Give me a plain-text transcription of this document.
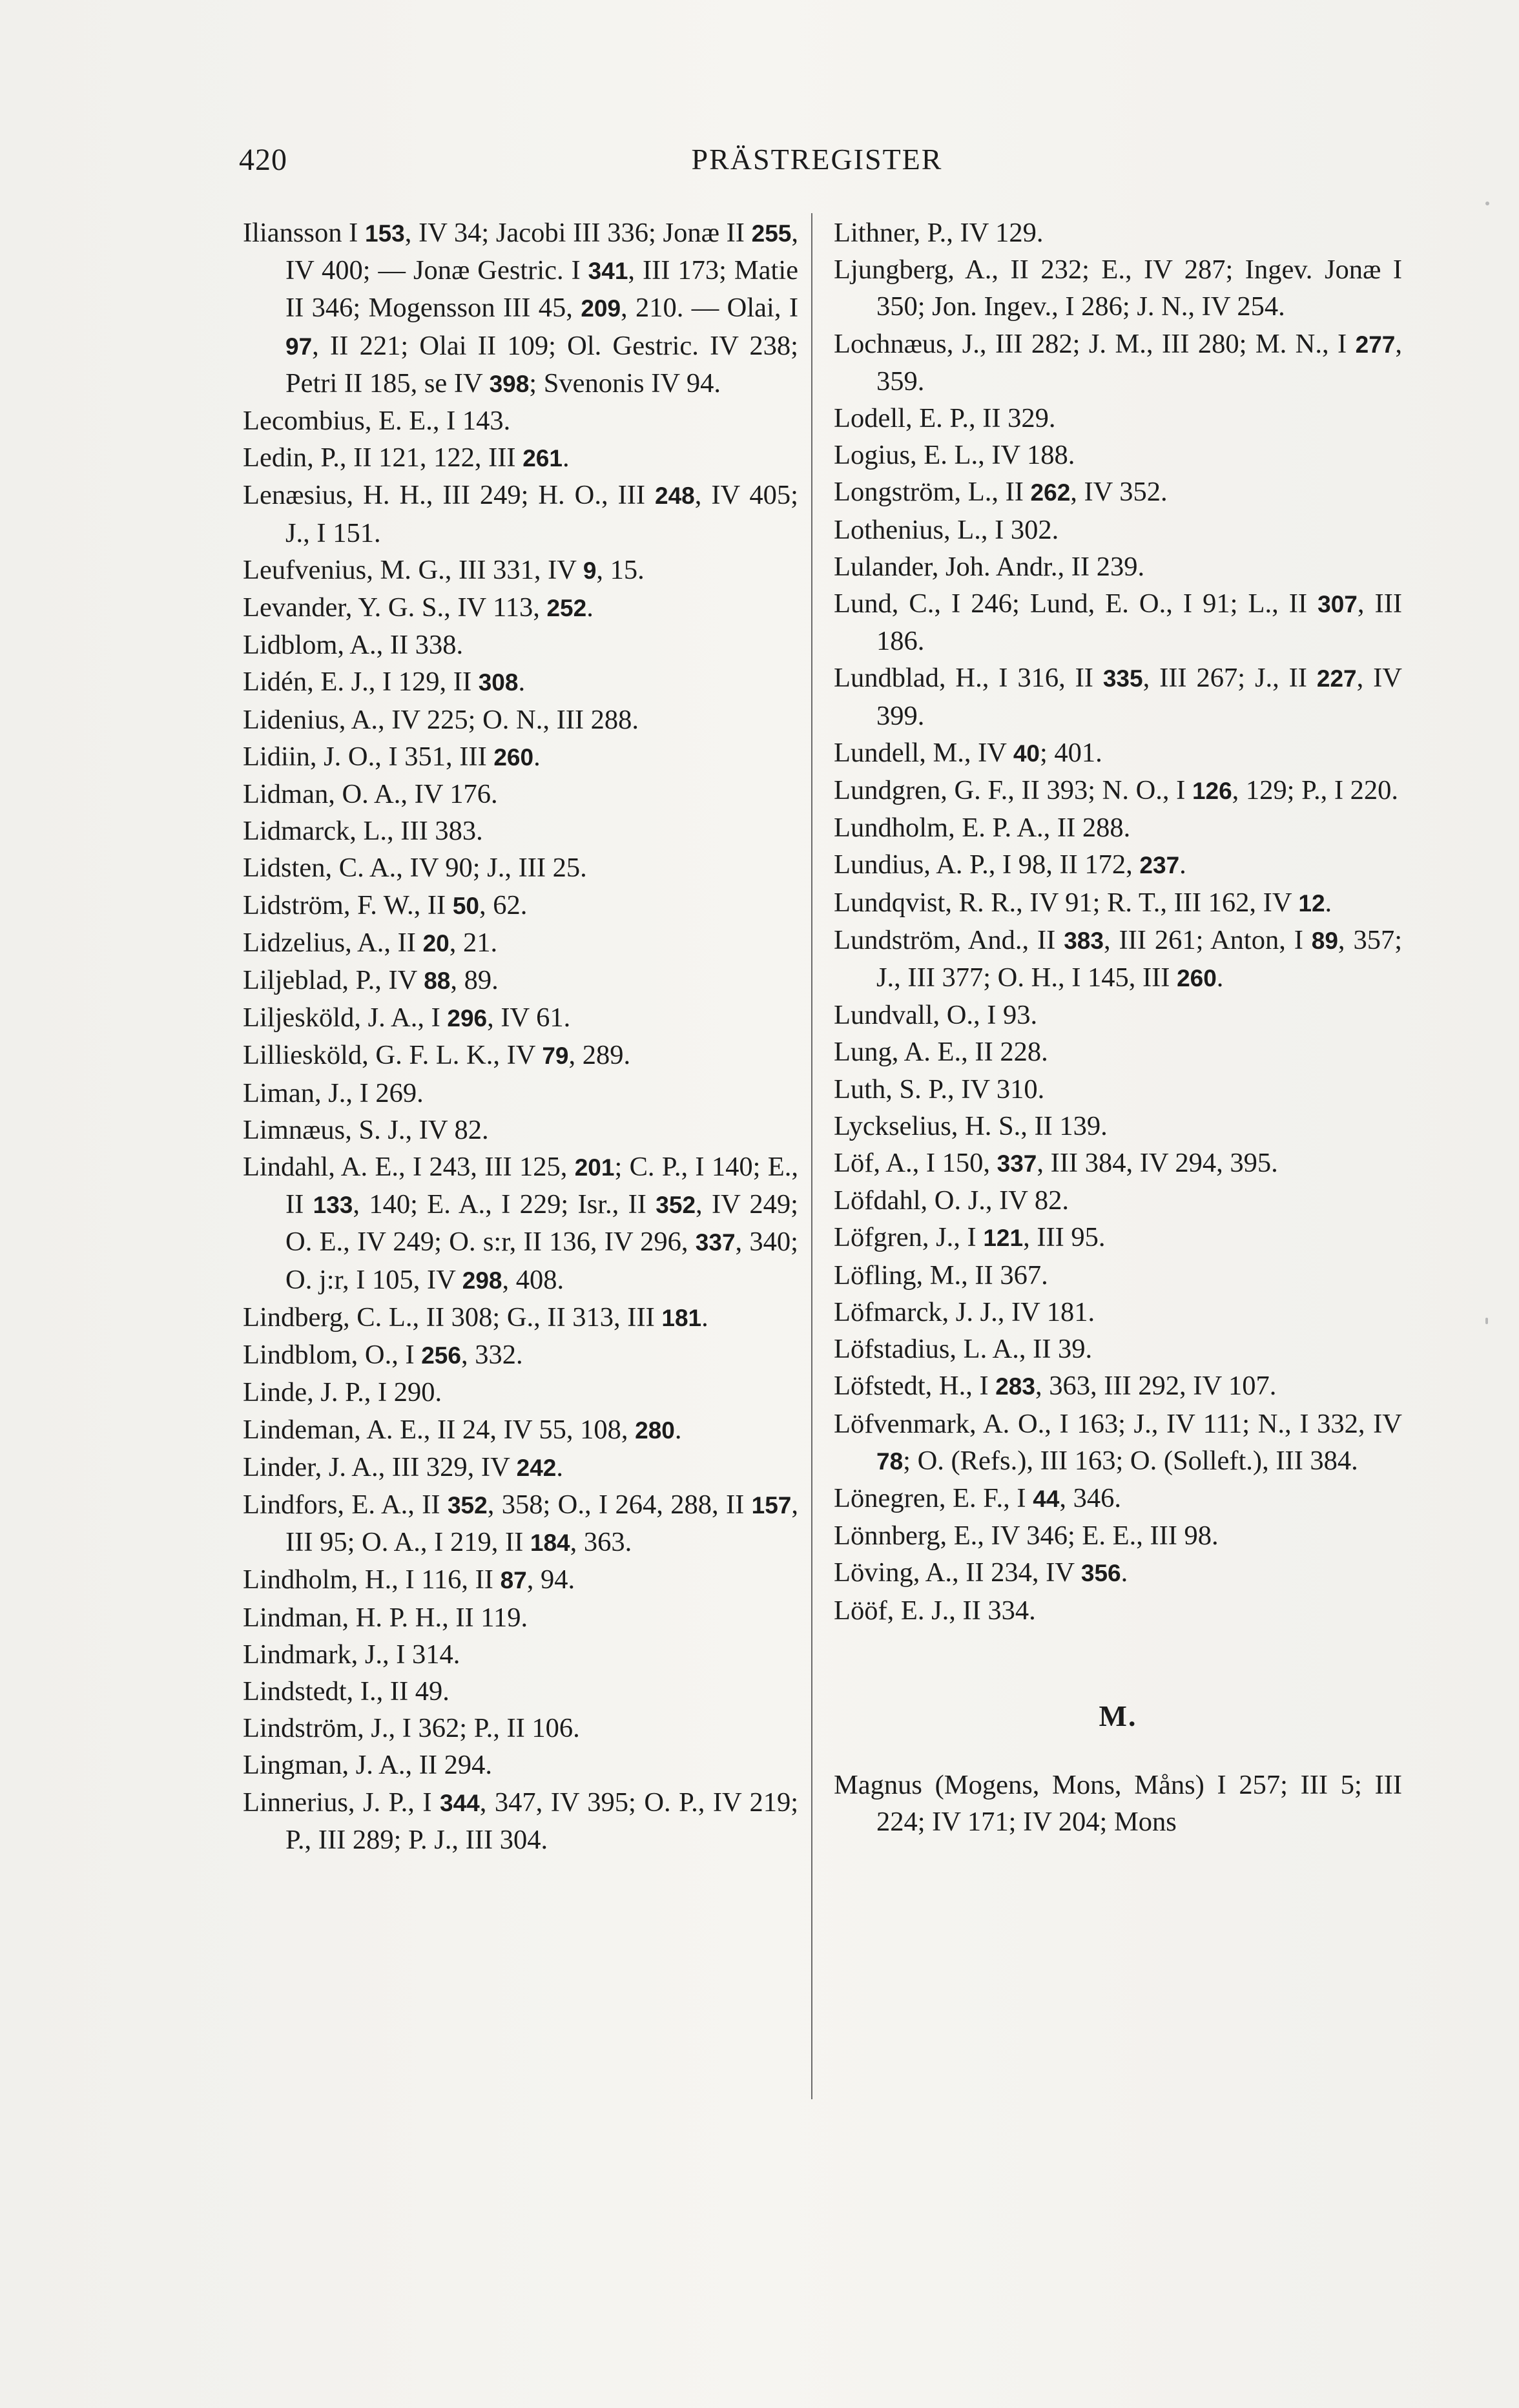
420	PRÄSTREGISTER

Iliansson I 153, IV 34; Jacobi III 336; Jonæ II 255, IV 400; — Jonæ Gestric. I 341, III 173; Matie II 346; Mogensson III 45, 209, 210. — Olai, I 97, II 221; Olai II 109; Ol. Gestric. IV 238; Petri II 185, se IV 398; Svenonis IV 94.

Lecombius, E. E., I 143.

Ledin, P., II 121, 122, III 261.

Lenæsius, H. H., III 249; H. O., III 248, IV 405; J., I 151.

Leufvenius, M. G., III 331, IV 9, 15.

Levander, Y. G. S., IV 113, 252.

Lidblom, A., II 338.

Lidén, E. J., I 129, II 308.

Lidenius, A., IV 225; O. N., III 288.

Lidiin, J. O., I 351, III 260.

Lidman, O. A., IV 176.

Lidmarck, L., III 383.

Lidsten, C. A., IV 90; J., III 25.

Lidström, F. W., II 50, 62.

Lidzelius, A., II 20, 21.

Liljeblad, P., IV 88, 89.

Liljesköld, J. A., I 296, IV 61.

Lilliesköld, G. F. L. K., IV 79, 289.

Liman, J., I 269.

Limnæus, S. J., IV 82.

Lindahl, A. E., I 243, III 125, 201; C. P., I 140; E., II 133, 140; E. A., I 229; Isr., II 352, IV 249; O. E., IV 249; O. s:r, II 136, IV 296, 337, 340; O. j:r, I 105, IV 298, 408.

Lindberg, C. L., II 308; G., II 313, III 181.

Lindblom, O., I 256, 332.

Linde, J. P., I 290.

Lindeman, A. E., II 24, IV 55, 108, 280.

Linder, J. A., III 329, IV 242.

Lindfors, E. A., II 352, 358; O., I 264, 288, II 157, III 95; O. A., I 219, II 184, 363.

Lindholm, H., I 116, II 87, 94.

Lindman, H. P. H., II 119.

Lindmark, J., I 314.

Lindstedt, I., II 49.

Lindström, J., I 362; P., II 106.

Lingman, J. A., II 294.

Linnerius, J. P., I 344, 347, IV 395; O. P., IV 219; P., III 289; P. J., III 304.

Lithner, P., IV 129.

Ljungberg, A., II 232; E., IV 287; Ingev. Jonæ I 350; Jon. Ingev., I 286; J. N., IV 254.

Lochnæus, J., III 282; J. M., III 280; M. N., I 277, 359.

Lodell, E. P., II 329.

Logius, E. L., IV 188.

Longström, L., II 262, IV 352.

Lothenius, L., I 302.

Lulander, Joh. Andr., II 239.

Lund, C., I 246; Lund, E. O., I 91; L., II 307, III 186.

Lundblad, H., I 316, II 335, III 267; J., II 227, IV 399.

Lundell, M., IV 40; 401.

Lundgren, G. F., II 393; N. O., I 126, 129; P., I 220.

Lundholm, E. P. A., II 288.

Lundius, A. P., I 98, II 172, 237.

Lundqvist, R. R., IV 91; R. T., III 162, IV 12.

Lundström, And., II 383, III 261; Anton, I 89, 357; J., III 377; O. H., I 145, III 260.

Lundvall, O., I 93.

Lung, A. E., II 228.

Luth, S. P., IV 310.

Lyckselius, H. S., II 139.

Löf, A., I 150, 337, III 384, IV 294, 395.

Löfdahl, O. J., IV 82.

Löfgren, J., I 121, III 95.

Löfling, M., II 367.

Löfmarck, J. J., IV 181.

Löfstadius, L. A., II 39.

Löfstedt, H., I 283, 363, III 292, IV 107.

Löfvenmark, A. O., I 163; J., IV 111; N., I 332, IV 78; O. (Refs.), III 163; O. (Solleft.), III 384.

Lönegren, E. F., I 44, 346.

Lönnberg, E., IV 346; E. E., III 98.

Löving, A., II 234, IV 356.

Lööf, E. J., II 334.

M.

Magnus (Mogens, Mons, Måns) I 257; III 5; III 224; IV 171; IV 204; Mons
